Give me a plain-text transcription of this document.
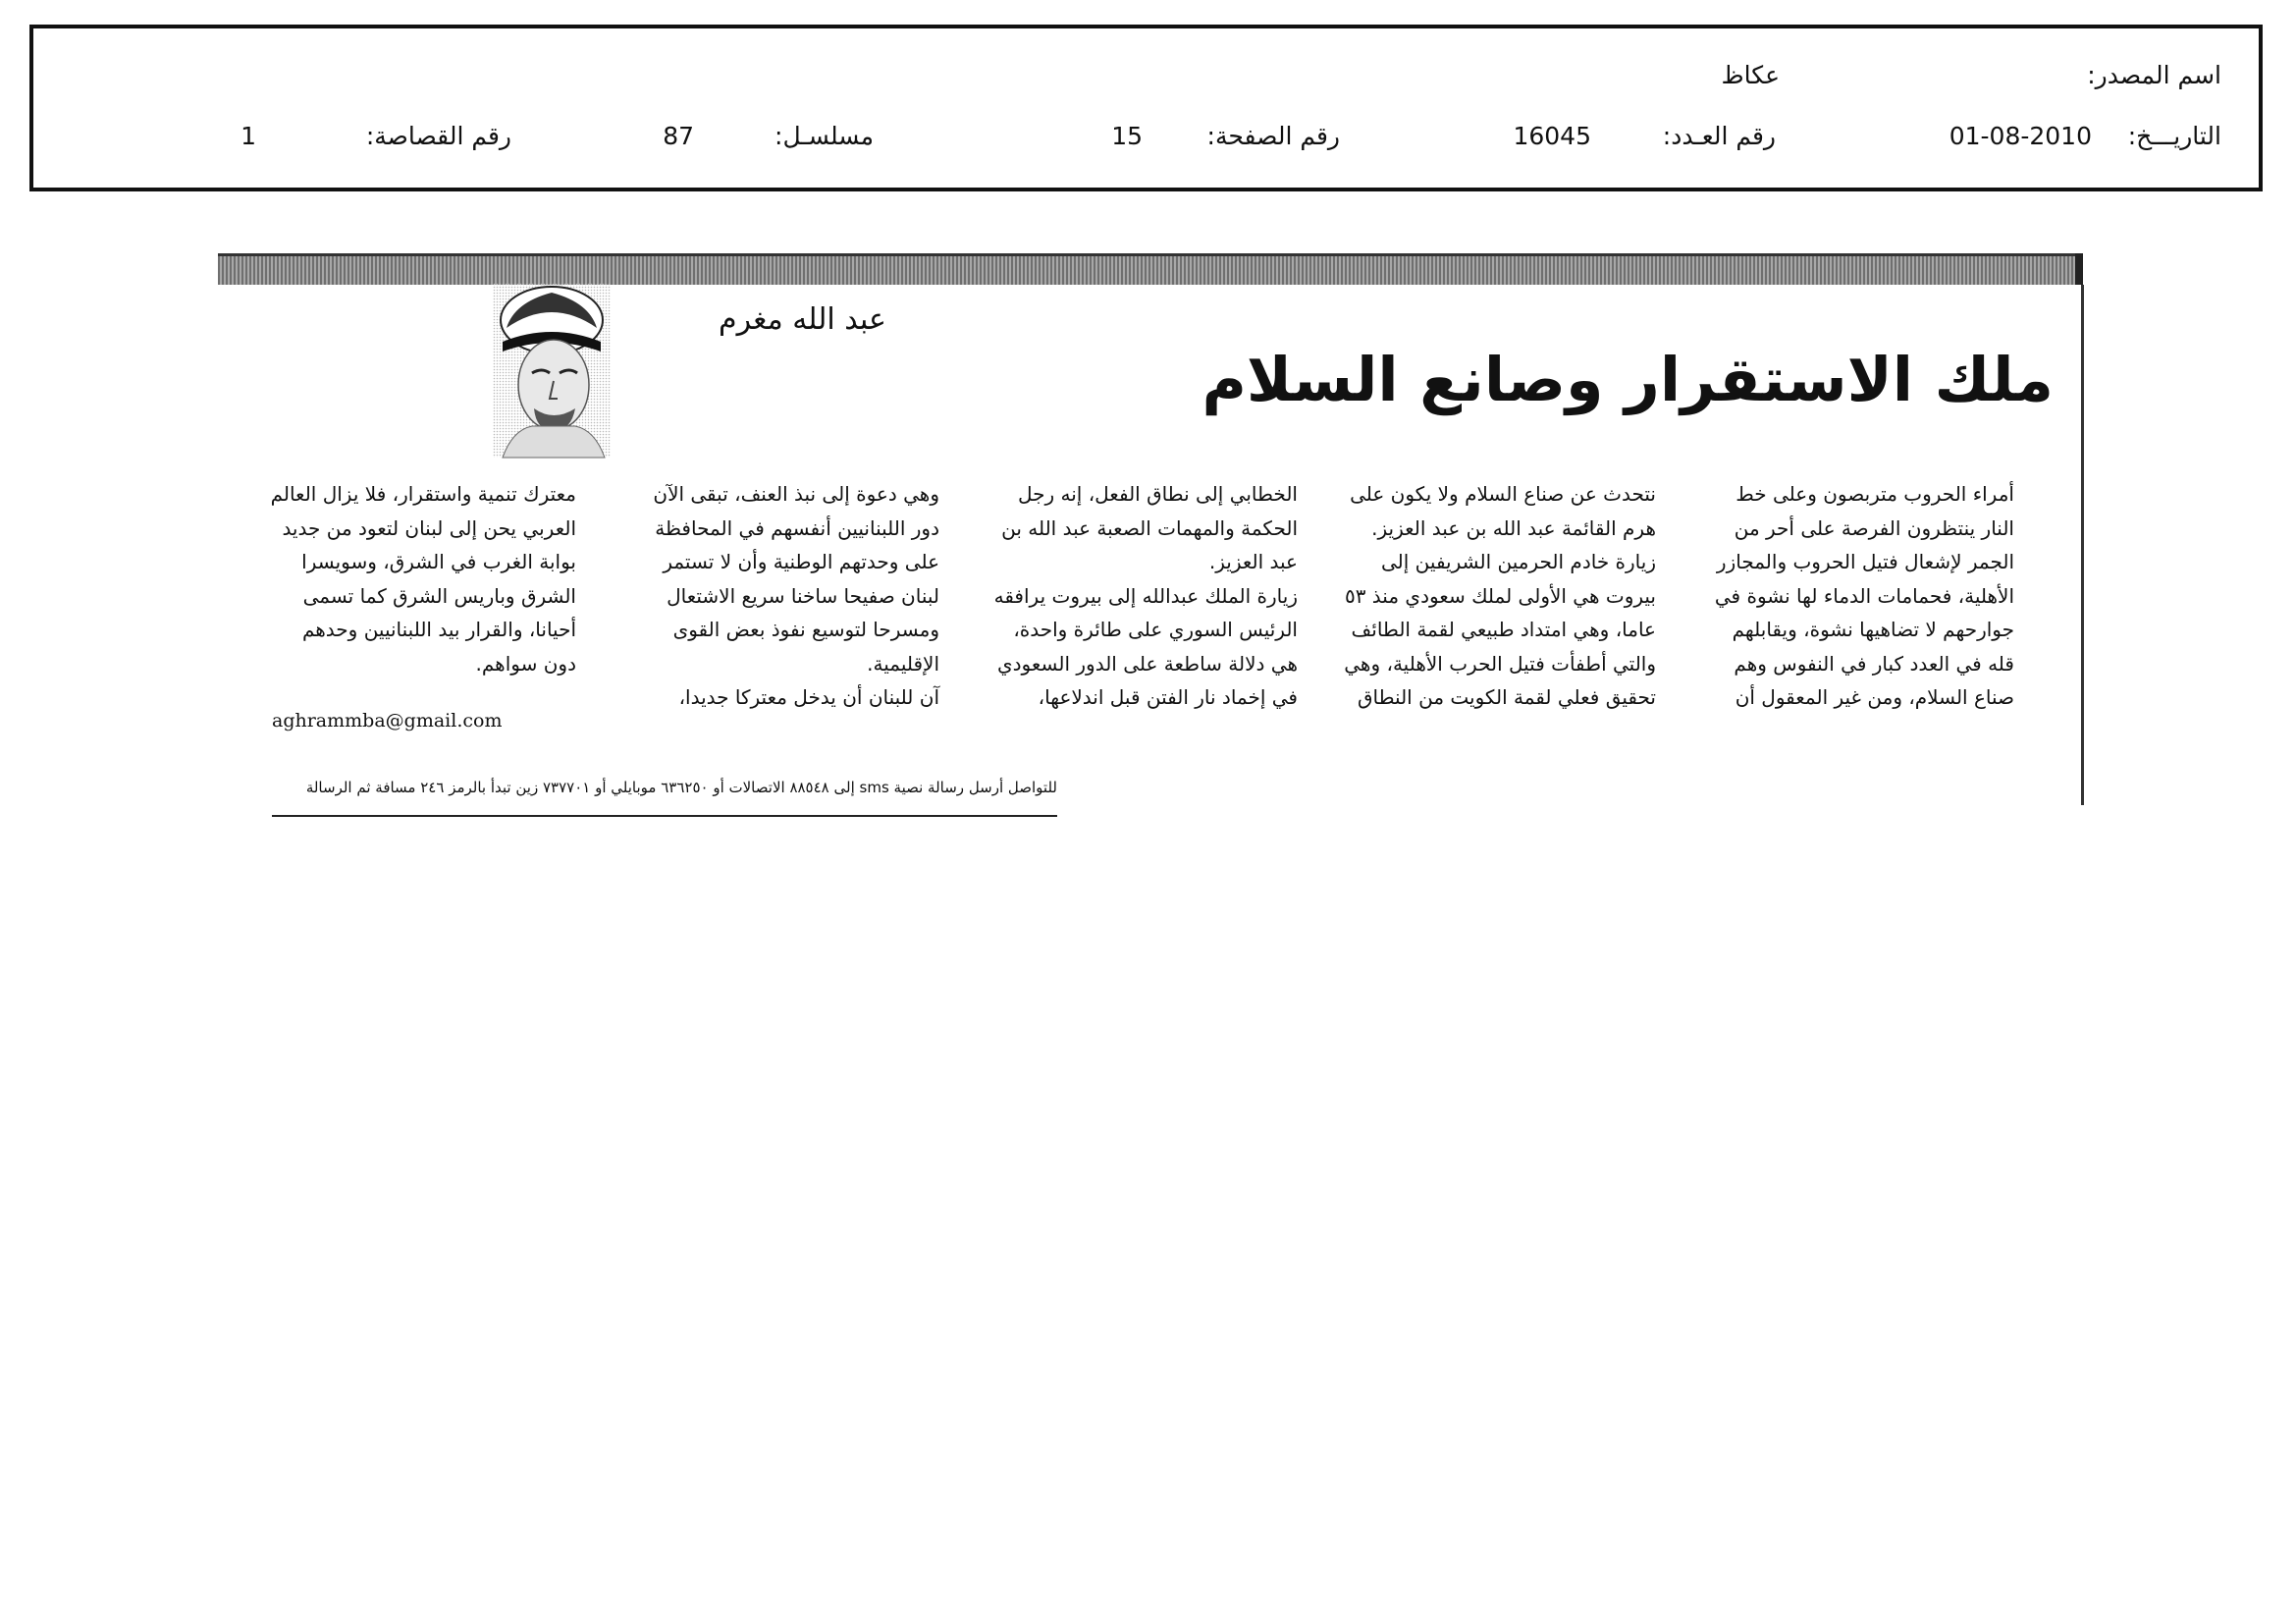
اسم المصدر:
عكاظ
التاريـــخ:
01-08-2010
رقم العـدد:
16045
رقم الصفحة:
15
مسلسـل:
87
رقم القصاصة:
1
عبد الله مغرم
ملك الاستقرار وصانع السلام

أمراء الحروب متربصون وعلى خط

النار ينتظرون الفرصة على أحر من

الجمر لإشعال فتيل الحروب والمجازر

الأهلية، فحمامات الدماء لها نشوة في

جوارحهم لا تضاهيها نشوة، ويقابلهم

قله في العدد كبار في النفوس وهم

صناع السلام، ومن غير المعقول أن

نتحدث عن صناع السلام ولا يكون على

هرم القائمة عبد الله بن عبد العزيز.

زيارة خادم الحرمين الشريفين إلى

بيروت هي الأولى لملك سعودي منذ ٥٣

عاما، وهي امتداد طبيعي لقمة الطائف

والتي أطفأت فتيل الحرب الأهلية، وهي

تحقيق فعلي لقمة الكويت من النطاق

الخطابي إلى نطاق الفعل، إنه رجل

الحكمة والمهمات الصعبة عبد الله بن

عبد العزيز.

زيارة الملك عبدالله إلى بيروت يرافقه

الرئيس السوري على طائرة واحدة،

هي دلالة ساطعة على الدور السعودي

في إخماد نار الفتن قبل اندلاعها،

وهي دعوة إلى نبذ العنف، تبقى الآن

دور اللبنانيين أنفسهم في المحافظة

على وحدتهم الوطنية وأن لا تستمر

لبنان صفيحا ساخنا سريع الاشتعال

ومسرحا لتوسيع نفوذ بعض القوى

الإقليمية.

آن للبنان أن يدخل معتركا جديدا،

معترك تنمية واستقرار، فلا يزال العالم

العربي يحن إلى لبنان لتعود من جديد

بوابة الغرب في الشرق، وسويسرا

الشرق وباريس الشرق كما تسمى

أحيانا، والقرار بيد اللبنانيين وحدهم

دون سواهم.

aghrammba@gmail.com
للتواصل أرسل رسالة نصية sms إلى ٨٨٥٤٨ الاتصالات أو ٦٣٦٢٥٠ موبايلي أو ٧٣٧٧٠١ زين تبدأ بالرمز ٢٤٦ مسافة ثم الرسالة
